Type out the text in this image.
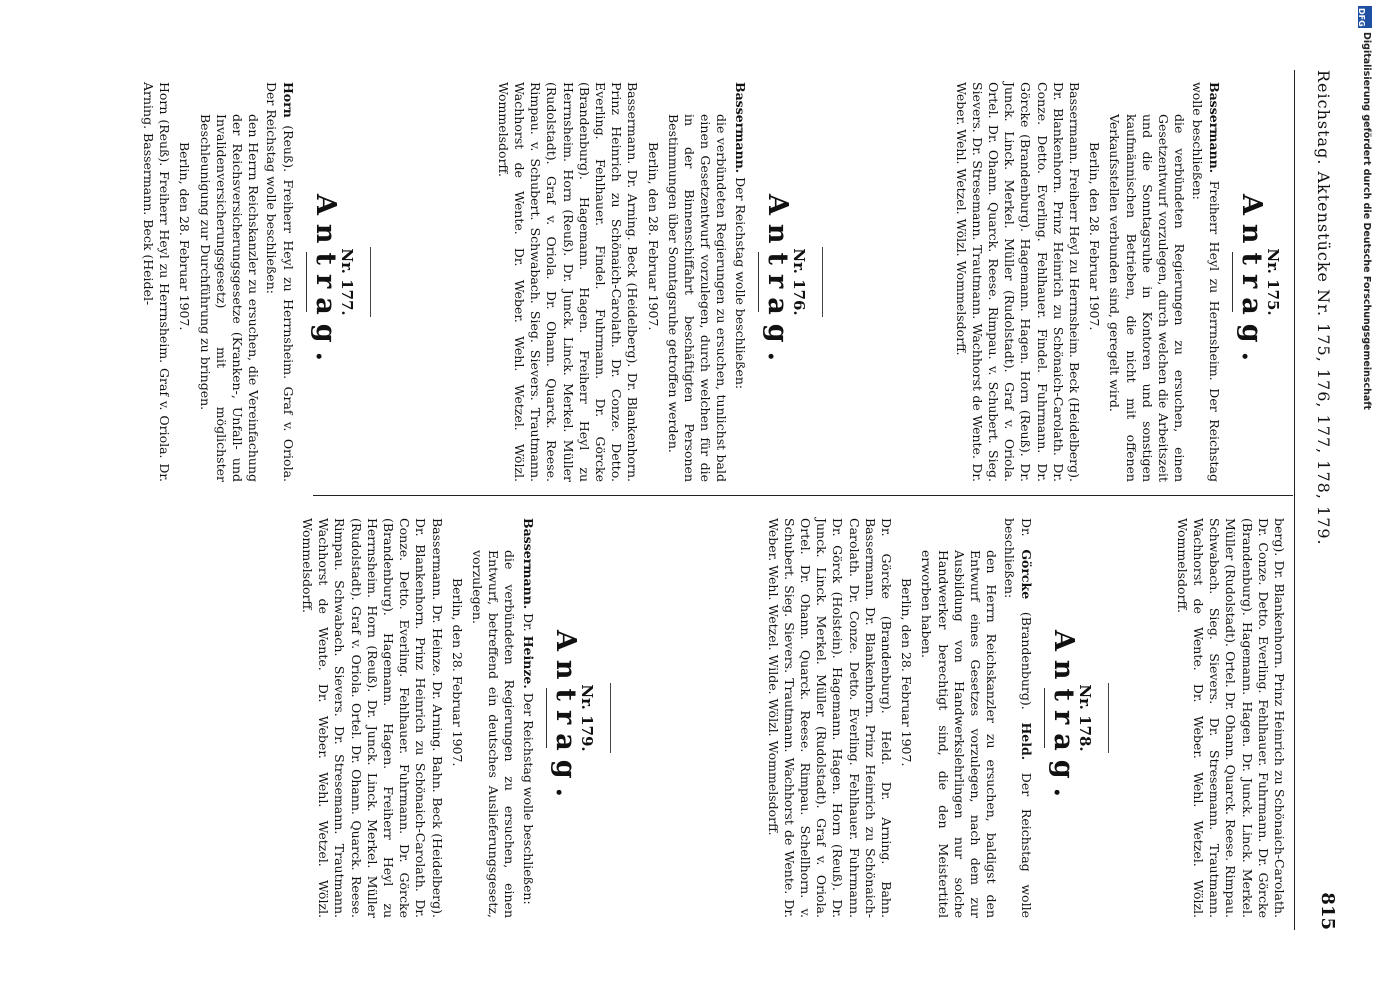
Reichstag. Aktenstücke Nr. 175, 176, 177, 178, 179.
815
Nr. 175.
Antrag.

Bassermann. Freiherr Heyl zu Herrnsheim. Der Reichstag wolle beschließen:

die verbündeten Regierungen zu ersuchen, einen Gesetzentwurf vorzulegen, durch welchen die Arbeitszeit und die Sonntagsruhe in Kontoren und sonstigen kaufmännischen Betrieben, die nicht mit offenen Verkaufsstellen verbunden sind, geregelt wird.

Berlin, den 28. Februar 1907.

Bassermann. Freiherr Heyl zu Herrnsheim. Beck (Heidelberg). Dr. Blankenhorn. Prinz Heinrich zu Schönaich-Carolath. Dr. Conze. Detto. Everling. Fehlhauer. Findel. Fuhrmann. Dr. Görcke (Brandenburg). Hagemann. Hagen. Horn (Reuß). Dr. Junck. Linck. Merkel. Müller (Rudolstadt). Graf v. Oriola. Ortel. Dr. Ohann. Quarck. Reese. Rimpau. v. Schubert. Sieg. Sievers. Dr. Stresemann. Trautmann. Wachhorst de Wente. Dr. Weber. Wehl. Wetzel. Wölzl. Wommelsdorff.

Nr. 176.
Antrag.

Bassermann. Der Reichstag wolle beschließen:

die verbündeten Regierungen zu ersuchen, tunlichst bald einen Gesetzentwurf vorzulegen, durch welchen für die in der Binnenschiffahrt beschäftigten Personen Bestimmungen über Sonntagsruhe getroffen werden.

Berlin, den 28. Februar 1907.

Bassermann. Dr. Arning. Beck (Heidelberg). Dr. Blankenhorn. Prinz Heinrich zu Schönaich-Carolath. Dr. Conze. Detto. Everling. Fehlhauer. Findel. Fuhrmann. Dr. Görcke (Brandenburg). Hagemann. Hagen. Freiherr Heyl zu Herrnsheim. Horn (Reuß). Dr. Junck. Linck. Merkel. Müller (Rudolstadt). Graf v. Oriola. Dr. Ohann. Quarck. Reese. Rimpau. v. Schubert. Schwabach. Sieg. Sievers. Trautmann. Wachhorst de Wente. Dr. Weber. Wehl. Wetzel. Wölzl. Wommelsdorff.

Nr. 177.
Antrag.

Horn (Reuß). Freiherr Heyl zu Herrnsheim. Graf v. Oriola. Der Reichstag wolle beschließen:

den Herrn Reichskanzler zu ersuchen, die Vereinfachung der Reichsversicherungsgesetze (Kranken-, Unfall- und Invalidenversicherungsgesetz) mit möglichster Beschleunigung zur Durchführung zu bringen.

Berlin, den 28. Februar 1907.

Horn (Reuß). Freiherr Heyl zu Herrnsheim. Graf v. Oriola. Dr. Arning. Bassermann. Beck (Heidel-

berg). Dr. Blankenhorn. Prinz Heinrich zu Schönaich-Carolath. Dr. Conze. Detto. Everling. Fehlhauer. Fuhrmann. Dr. Görcke (Brandenburg). Hagemann. Hagen. Dr. Junck. Linck. Merkel. Müller (Rudolstadt). Ortel. Dr. Ohann. Quarck. Reese. Rimpau. Schwabach. Sieg. Sievers. Dr. Stresemann. Trautmann. Wachhorst de Wente. Dr. Weber. Wehl. Wetzel. Wölzl. Wommelsdorff.

Nr. 178.
Antrag.

Dr. Görcke (Brandenburg). Held. Der Reichstag wolle beschließen:

den Herrn Reichskanzler zu ersuchen, baldigst den Entwurf eines Gesetzes vorzulegen, nach dem zur Ausbildung von Handwerkslehrlingen nur solche Handwerker berechtigt sind, die den Meistertitel erworben haben.

Berlin, den 28. Februar 1907.

Dr. Görcke (Brandenburg). Held. Dr. Arning. Bahn. Bassermann. Dr. Blankenhorn. Prinz Heinrich zu Schönaich-Carolath. Dr. Conze. Detto. Everling. Fehlhauer. Fuhrmann. Dr. Görck (Holstein). Hagemann. Hagen. Horn (Reuß). Dr. Junck. Linck. Merkel. Müller (Rudolstadt). Graf v. Oriola. Ortel. Dr. Ohann. Quarck. Reese. Rimpau. Schellhorn. v. Schubert. Sieg. Sievers. Trautmann. Wachhorst de Wente. Dr. Weber. Wehl. Wetzel. Wilde. Wölzl. Wommelsdorff.

Nr. 179.
Antrag.

Bassermann. Dr. Heinze. Der Reichstag wolle beschließen:

die verbündeten Regierungen zu ersuchen, einen Entwurf, betreffend ein deutsches Auslieferungsgesetz, vorzulegen.

Berlin, den 28. Februar 1907.

Bassermann. Dr. Heinze. Dr. Arning. Bahn. Beck (Heidelberg). Dr. Blankenhorn. Prinz Heinrich zu Schönaich-Carolath. Dr. Conze. Detto. Everling. Fehlhauer. Fuhrmann. Dr. Görcke (Brandenburg). Hagemann. Hagen. Freiherr Heyl zu Herrnsheim. Horn (Reuß). Dr. Junck. Linck. Merkel. Müller (Rudolstadt). Graf v. Oriola. Ortel. Dr. Ohann. Quarck. Reese. Rimpau. Schwabach. Sievers. Dr. Stresemann. Trautmann. Wachhorst de Wente. Dr. Weber. Wehl. Wetzel. Wölzl. Wommelsdorff.

DFG
Digitalisierung gefördert durch die Deutsche Forschungsgemeinschaft
